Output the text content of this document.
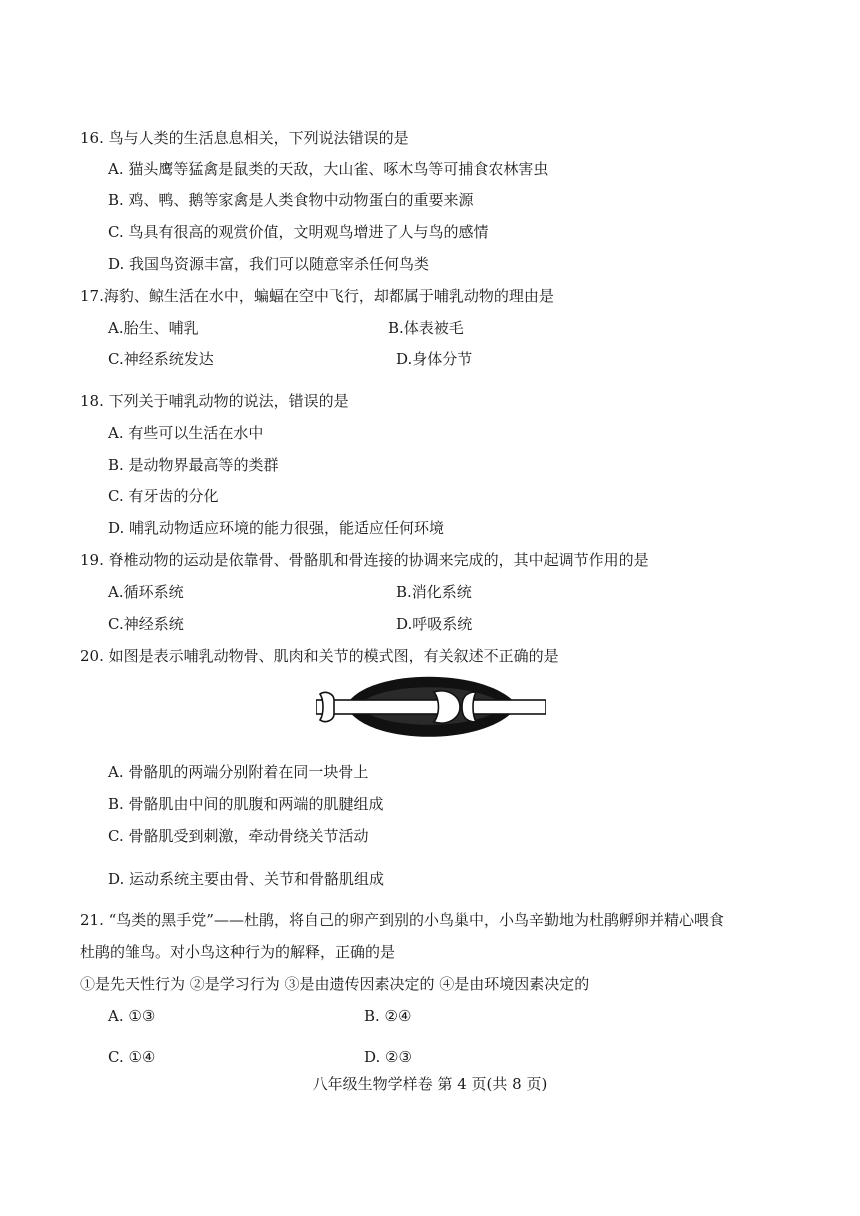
16. 鸟与人类的生活息息相关，下列说法错误的是
A. 猫头鹰等猛禽是鼠类的天敌，大山雀、啄木鸟等可捕食农林害虫
B. 鸡、鸭、鹅等家禽是人类食物中动物蛋白的重要来源
C. 鸟具有很高的观赏价值，文明观鸟增进了人与鸟的感情
D. 我国鸟资源丰富，我们可以随意宰杀任何鸟类
17.海豹、鲸生活在水中，蝙蝠在空中飞行，却都属于哺乳动物的理由是
A.胎生、哺乳	B.体表被毛
C.神经系统发达	D.身体分节
18. 下列关于哺乳动物的说法，错误的是
A. 有些可以生活在水中
B. 是动物界最高等的类群
C. 有牙齿的分化
D. 哺乳动物适应环境的能力很强，能适应任何环境
19. 脊椎动物的运动是依靠骨、骨骼肌和骨连接的协调来完成的，其中起调节作用的是
A.循环系统	B.消化系统
C.神经系统	D.呼吸系统
20. 如图是表示哺乳动物骨、肌肉和关节的模式图，有关叙述不正确的是
A. 骨骼肌的两端分别附着在同一块骨上
B. 骨骼肌由中间的肌腹和两端的肌腱组成
C. 骨骼肌受到刺激，牵动骨绕关节活动
D. 运动系统主要由骨、关节和骨骼肌组成
21. “鸟类的黑手党”——杜鹃，将自己的卵产到别的小鸟巢中，小鸟辛勤地为杜鹃孵卵并精心喂食
杜鹃的雏鸟。对小鸟这种行为的解释，正确的是
①是先天性行为 ②是学习行为 ③是由遗传因素决定的 ④是由环境因素决定的
A. ①③	B. ②④
C. ①④	D. ②③
八年级生物学样卷 第 4 页(共 8 页)
